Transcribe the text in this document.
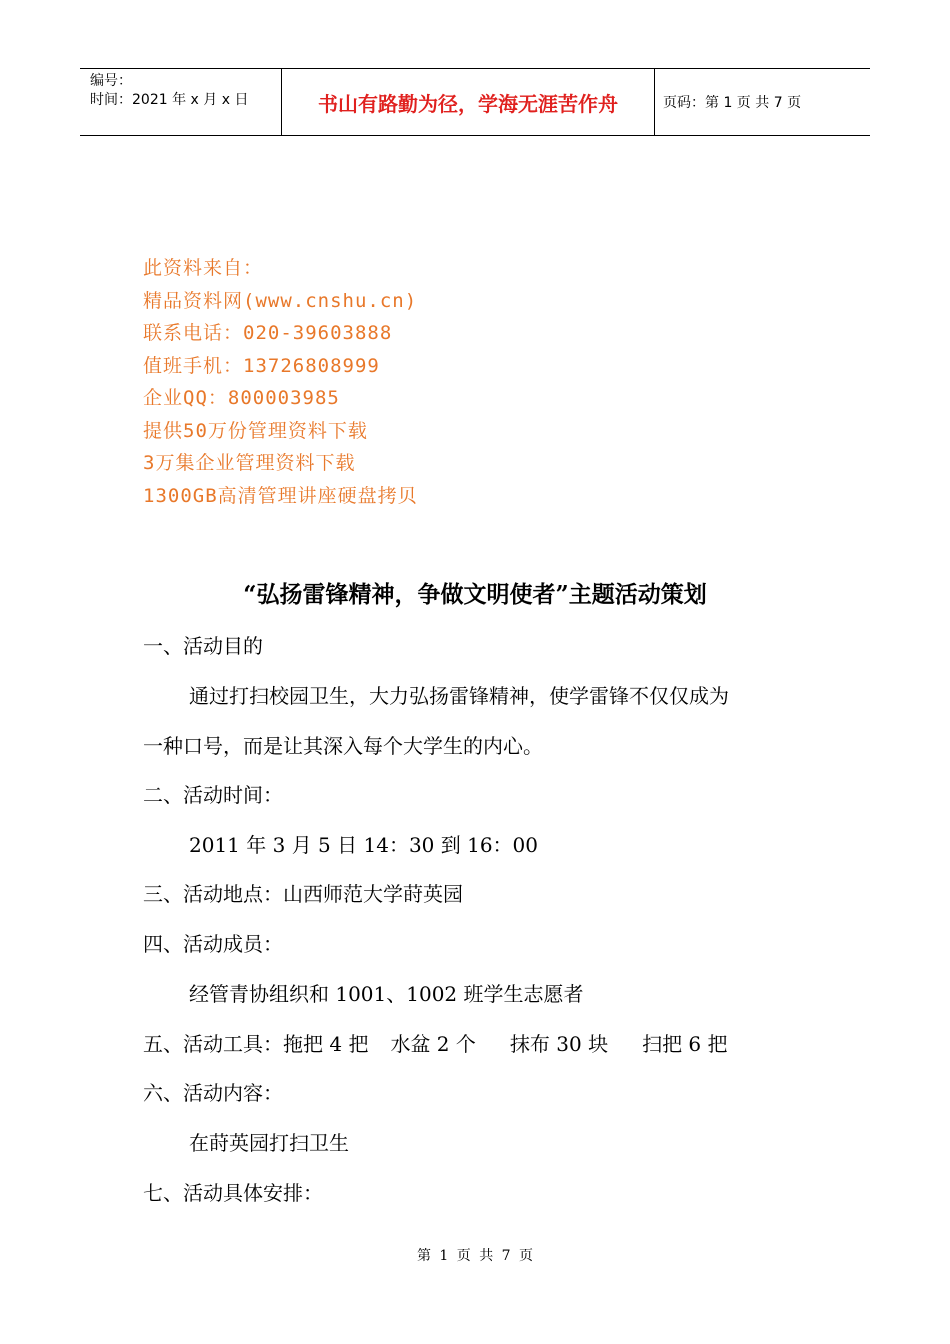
编号：
时间：2021 年 x 月 x 日	书山有路勤为径，学海无涯苦作舟	页码：第 1 页 共 7 页
此资料来自：
精品资料网(www.cnshu.cn)
联系电话：020-39603888
值班手机：13726808999
企业QQ：800003985
提供50万份管理资料下载
3万集企业管理资料下载
1300GB高清管理讲座硬盘拷贝
“弘扬雷锋精神，争做文明使者”主题活动策划
一、活动目的
通过打扫校园卫生，大力弘扬雷锋精神，使学雷锋不仅仅成为
一种口号，而是让其深入每个大学生的内心。
二、活动时间：
2011 年 3 月 5 日 14：30 到 16：00
三、活动地点：山西师范大学莳英园
四、活动成员：
经管青协组织和 1001、1002 班学生志愿者
五、活动工具：拖把 4 把 水盆 2 个 抹布 30 块 扫把 6 把
六、活动内容：
在莳英园打扫卫生
七、活动具体安排：
第 1 页 共 7 页
